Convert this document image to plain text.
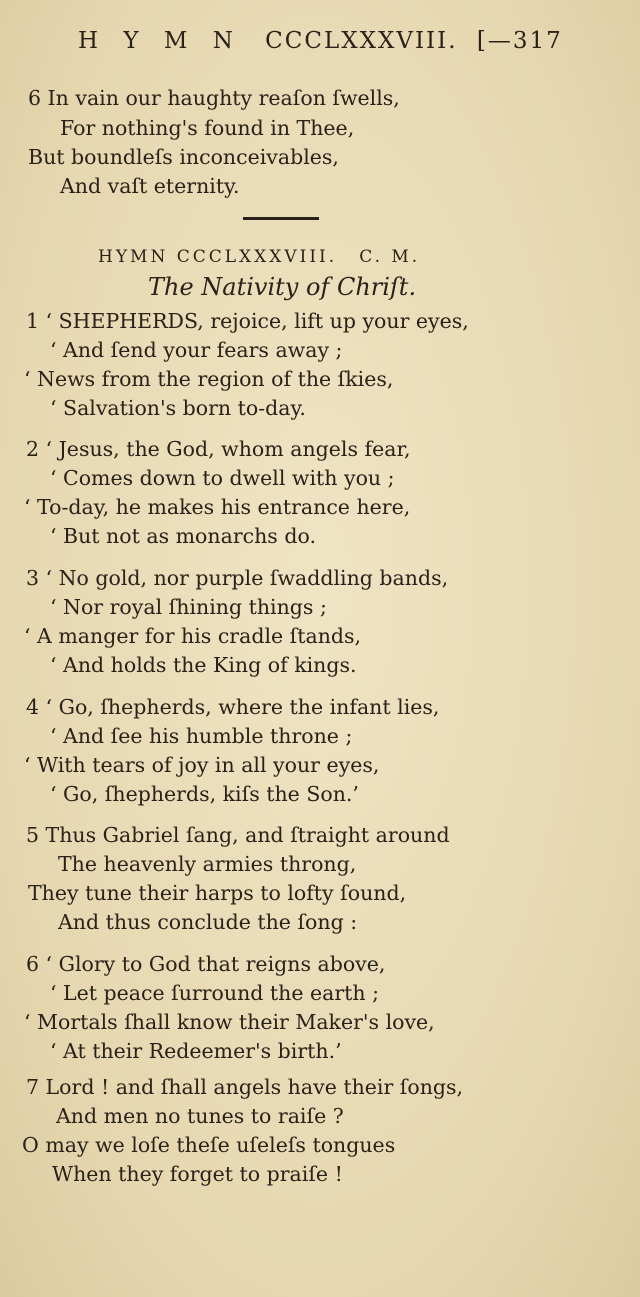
H Y M N CCCLXXXVIII. [—317
6 In vain our haughty reaſon ſwells,
For nothing's found in Thee,
But boundleſs inconceivables,
And vaſt eternity.
HYMN CCCLXXXVIII. C. M.
The Nativity of Chriſt.
1 ‘ SHEPHERDS, rejoice, lift up your eyes,
‘ And ſend your fears away ;
‘ News from the region of the ſkies,
‘ Salvation's born to-day.
2 ‘ Jesus, the God, whom angels fear,
‘ Comes down to dwell with you ;
‘ To-day, he makes his entrance here,
‘ But not as monarchs do.
3 ‘ No gold, nor purple ſwaddling bands,
‘ Nor royal ſhining things ;
‘ A manger for his cradle ſtands,
‘ And holds the King of kings.
4 ‘ Go, ſhepherds, where the infant lies,
‘ And ſee his humble throne ;
‘ With tears of joy in all your eyes,
‘ Go, ſhepherds, kiſs the Son.’
5 Thus Gabriel ſang, and ſtraight around
The heavenly armies throng,
They tune their harps to lofty ſound,
And thus conclude the ſong :
6 ‘ Glory to God that reigns above,
‘ Let peace ſurround the earth ;
‘ Mortals ſhall know their Maker's love,
‘ At their Redeemer's birth.’
7 Lord ! and ſhall angels have their ſongs,
And men no tunes to raiſe ?
O may we loſe theſe uſeleſs tongues
When they forget to praiſe !
